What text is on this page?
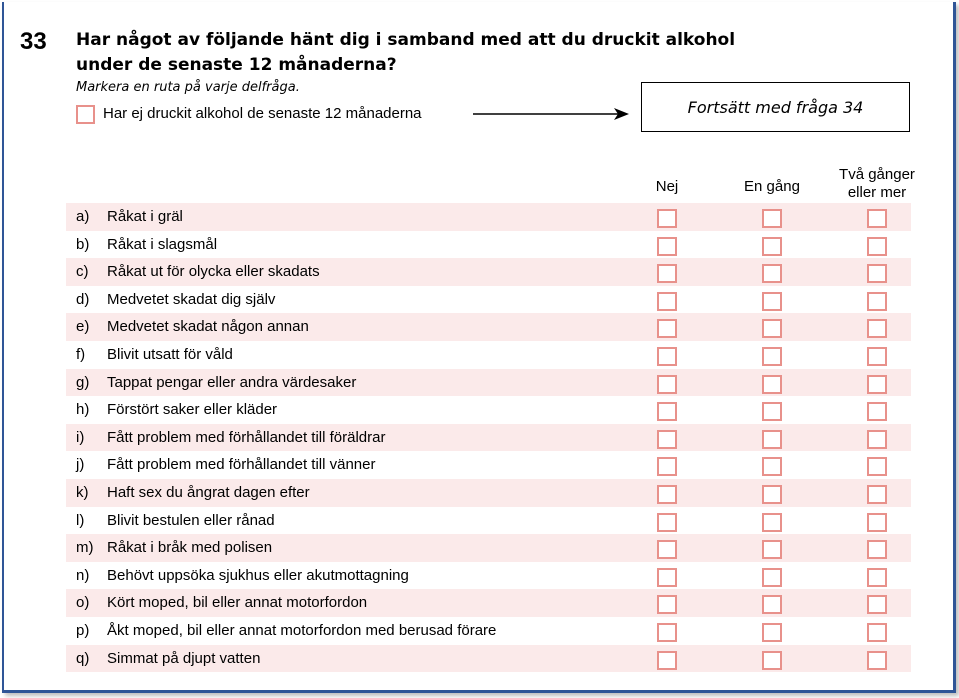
33 Har något av följande hänt dig i samband med att du druckit alkohol under de senaste 12 månaderna?
Markera en ruta på varje delfråga.
Har ej druckit alkohol de senaste 12 månaderna	Fortsätt med fråga 34
Nej	En gång
Två gånger eller mer
a) Råkat i gräl
b) Råkat i slagsmål
c) Råkat ut för olycka eller skadats
d) Medvetet skadat dig själv
e) Medvetet skadat någon annan
f) Blivit utsatt för våld
g) Tappat pengar eller andra värdesaker
h) Förstört saker eller kläder
i) Fått problem med förhållandet till föräldrar
j) Fått problem med förhållandet till vänner
k) Haft sex du ångrat dagen efter
l) Blivit bestulen eller rånad
m) Råkat i bråk med polisen
n) Behövt uppsöka sjukhus eller akutmottagning
o) Kört moped, bil eller annat motorfordon
p) Åkt moped, bil eller annat motorfordon med berusad förare
q) Simmat på djupt vatten
